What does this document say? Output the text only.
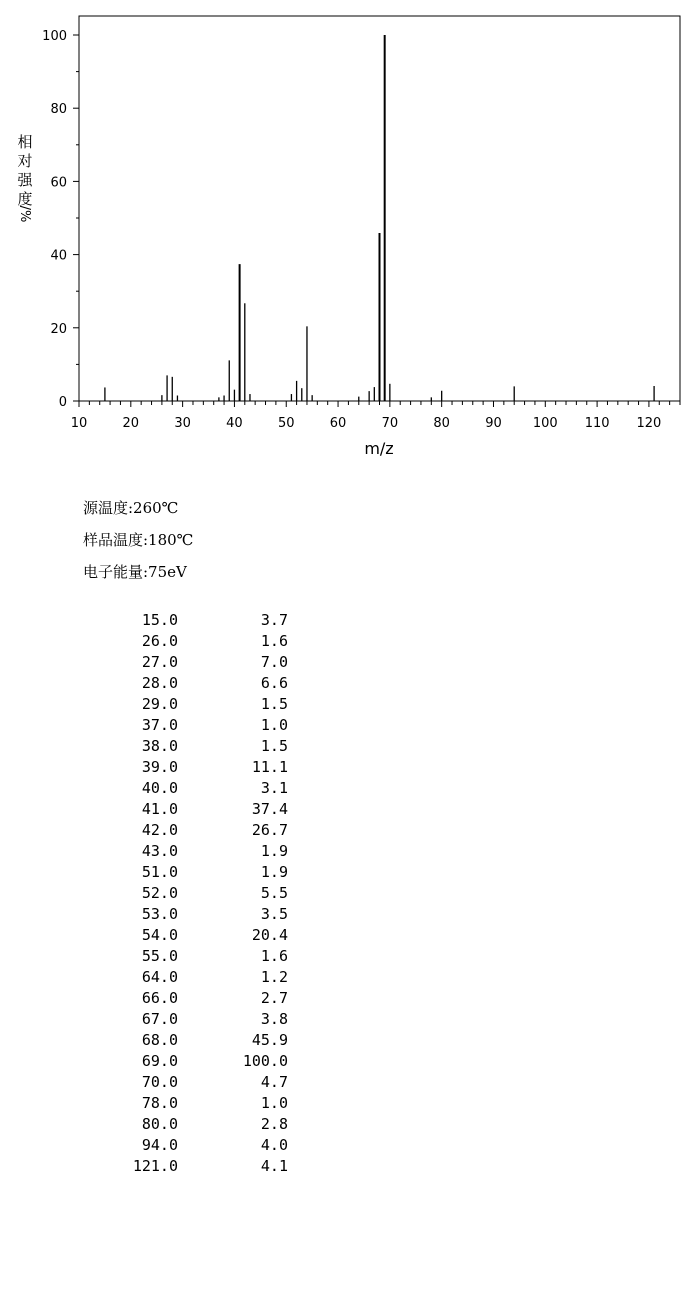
0
20
40
60
80
100
10	20	30	40	50	60	70	80	90 100 110 120
m/z
相
对
强
度
/%
源温度:260℃
样品温度:180℃
电子能量:75eV
15.0	3.7
26.0	1.6
27.0	7.0
28.0	6.6
29.0	1.5
37.0	1.0
38.0	1.5
39.0	11.1
40.0	3.1
41.0	37.4
42.0	26.7
43.0	1.9
51.0	1.9
52.0	5.5
53.0	3.5
54.0	20.4
55.0	1.6
64.0	1.2
66.0	2.7
67.0	3.8
68.0	45.9
69.0	100.0
70.0	4.7
78.0	1.0
80.0	2.8
94.0	4.0
121.0	4.1
